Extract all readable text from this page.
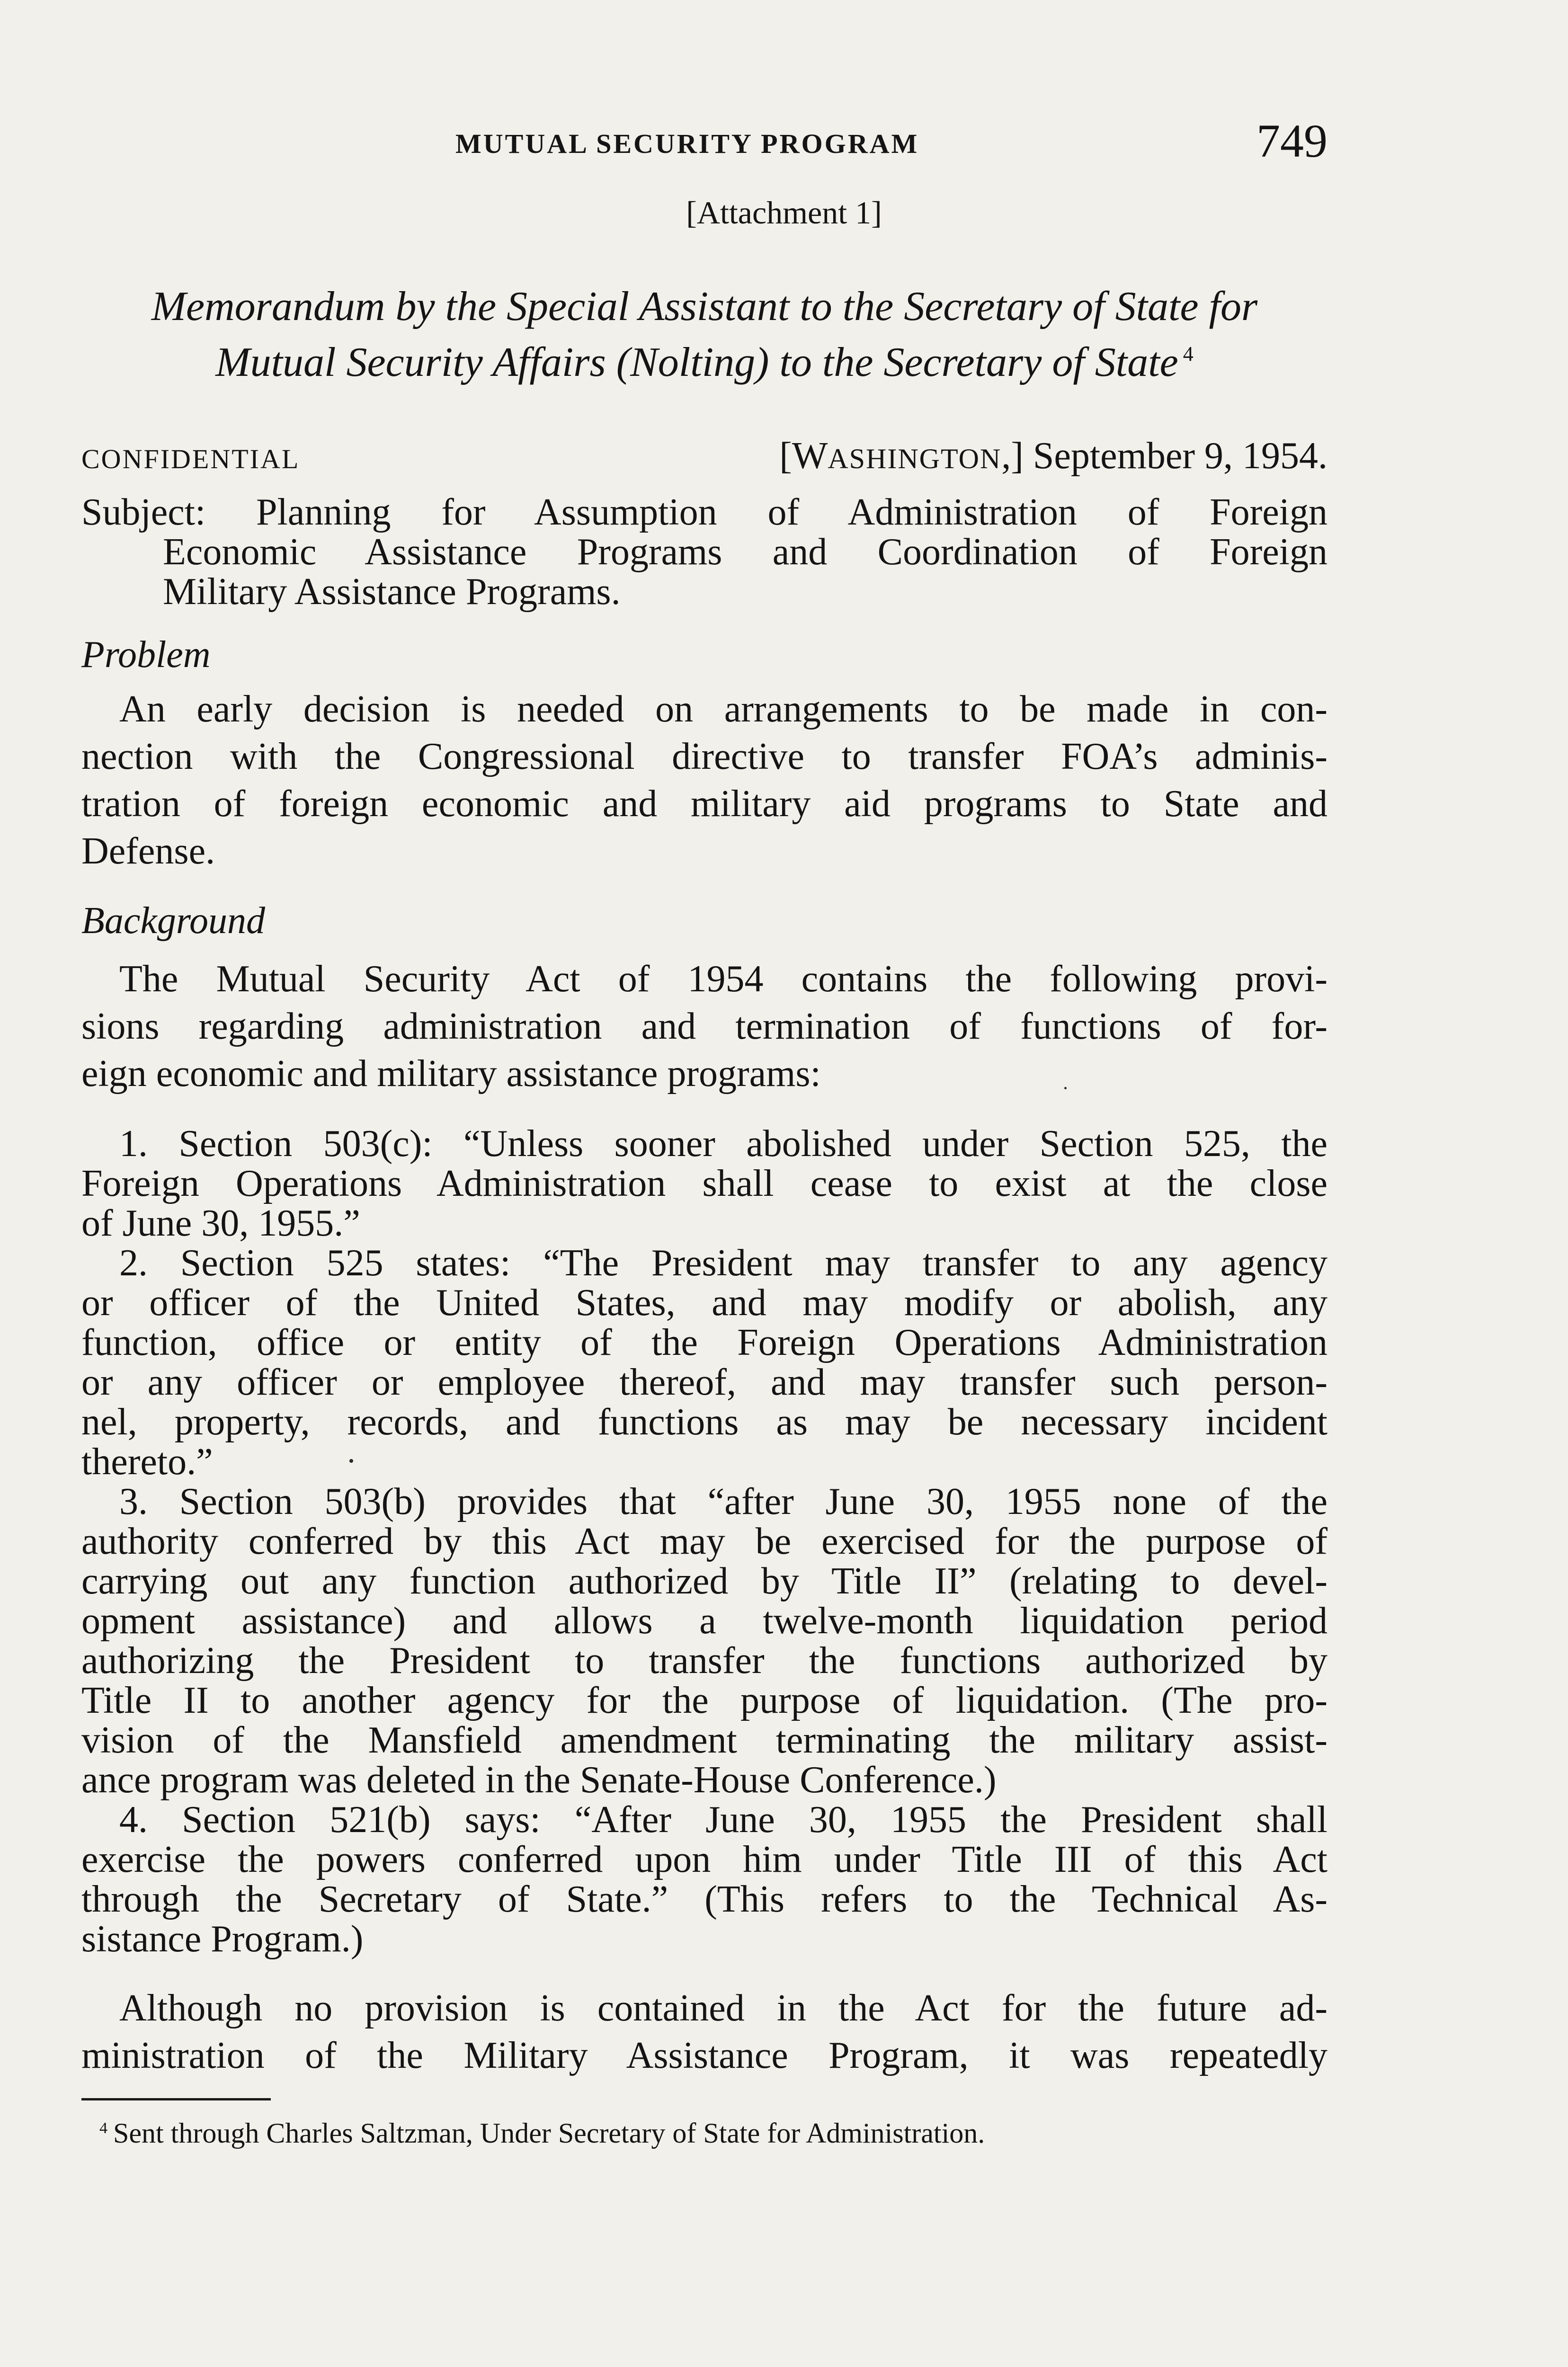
MUTUAL SECURITY PROGRAM	749
[Attachment 1]
Memorandum by the Special Assistant to the Secretary of State for
Mutual Security Affairs (Nolting) to the Secretary of State $^4$
CONFIDENTIAL	[WASHINGTON,] September 9, 1954.
Subject: Planning for Assumption of Administration of Foreign
Economic Assistance Programs and Coordination of Foreign
Military Assistance Programs.
Problem
An early decision is needed on arrangements to be made in con-
nection with the Congressional directive to transfer FOA’s adminis-
tration of foreign economic and military aid programs to State and
Defense.
Background
The Mutual Security Act of 1954 contains the following provi-
sions regarding administration and termination of functions of for-
eign economic and military assistance programs:
1. Section 503(c): “Unless sooner abolished under Section 525, the
Foreign Operations Administration shall cease to exist at the close
of June 30, 1955.”
2. Section 525 states: “The President may transfer to any agency
or officer of the United States, and may modify or abolish, any
function, office or entity of the Foreign Operations Administration
or any officer or employee thereof, and may transfer such person-
nel, property, records, and functions as may be necessary incident
thereto.”
3. Section 503(b) provides that “after June 30, 1955 none of the
authority conferred by this Act may be exercised for the purpose of
carrying out any function authorized by Title II” (relating to devel-
opment assistance) and allows a twelve-month liquidation period
authorizing the President to transfer the functions authorized by
Title II to another agency for the purpose of liquidation. (The pro-
vision of the Mansfield amendment terminating the military assist-
ance program was deleted in the Senate-House Conference.)
4. Section 521(b) says: “After June 30, 1955 the President shall
exercise the powers conferred upon him under Title III of this Act
through the Secretary of State.” (This refers to the Technical As-
sistance Program.)
Although no provision is contained in the Act for the future ad-
ministration of the Military Assistance Program, it was repeatedly
$^4$ Sent through Charles Saltzman, Under Secretary of State for Administration.
